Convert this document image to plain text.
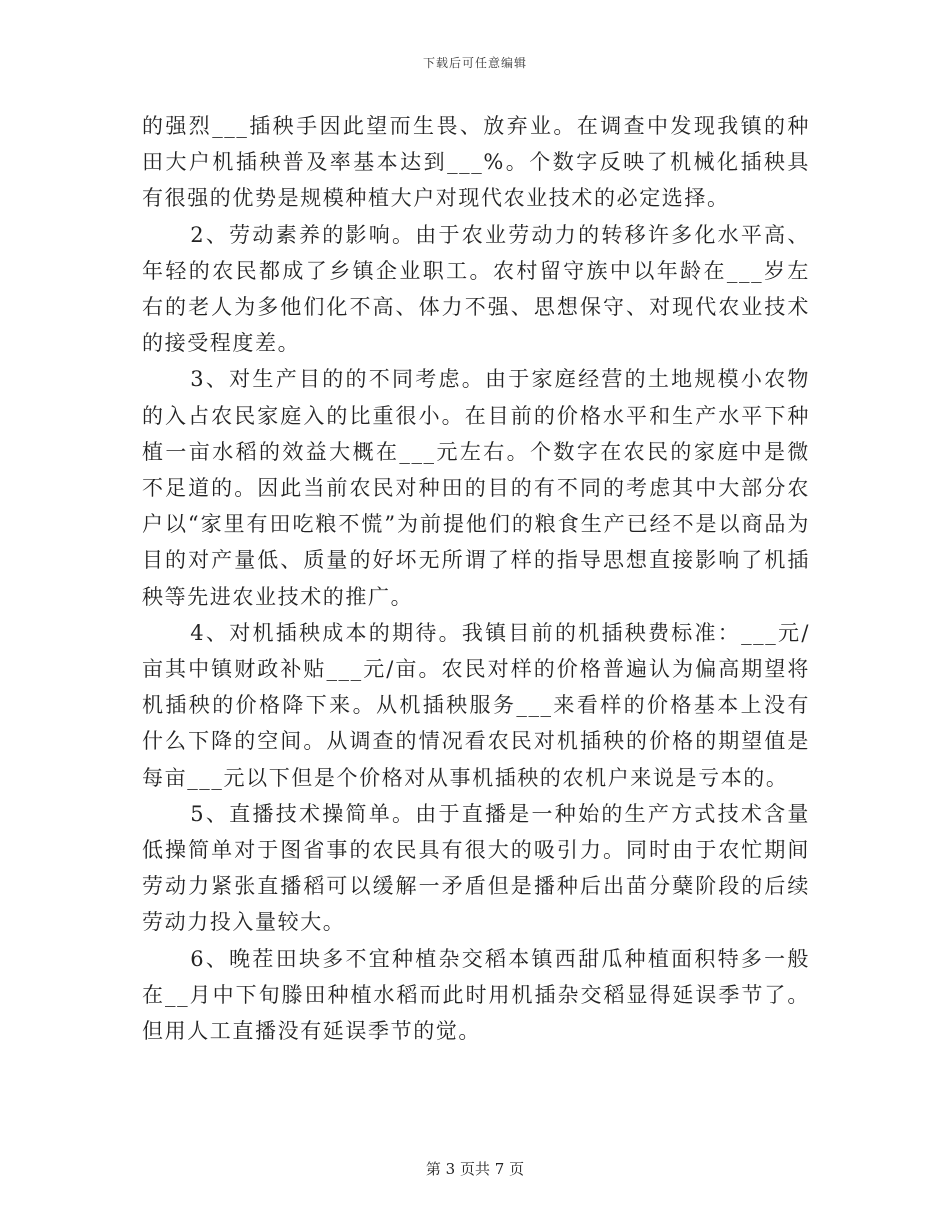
下载后可任意编辑

的强烈___插秧手因此望而生畏、放弃业。在调查中发现我镇的种田大户机插秧普及率基本达到___%。个数字反映了机械化插秧具有很强的优势是规模种植大户对现代农业技术的必定选择。

2、劳动素养的影响。由于农业劳动力的转移许多化水平高、年轻的农民都成了乡镇企业职工。农村留守族中以年龄在___岁左右的老人为多他们化不高、体力不强、思想保守、对现代农业技术的接受程度差。

3、对生产目的的不同考虑。由于家庭经营的土地规模小农物的入占农民家庭入的比重很小。在目前的价格水平和生产水平下种植一亩水稻的效益大概在___元左右。个数字在农民的家庭中是微不足道的。因此当前农民对种田的目的有不同的考虑其中大部分农户以“家里有田吃粮不慌”为前提他们的粮食生产已经不是以商品为目的对产量低、质量的好坏无所谓了样的指导思想直接影响了机插秧等先进农业技术的推广。

4、对机插秧成本的期待。我镇目前的机插秧费标准：___元/亩其中镇财政补贴___元/亩。农民对样的价格普遍认为偏高期望将机插秧的价格降下来。从机插秧服务___来看样的价格基本上没有什么下降的空间。从调查的情况看农民对机插秧的价格的期望值是每亩___元以下但是个价格对从事机插秧的农机户来说是亏本的。

5、直播技术操简单。由于直播是一种始的生产方式技术含量低操简单对于图省事的农民具有很大的吸引力。同时由于农忙期间劳动力紧张直播稻可以缓解一矛盾但是播种后出苗分蘖阶段的后续劳动力投入量较大。

6、晚茬田块多不宜种植杂交稻本镇西甜瓜种植面积特多一般在__月中下旬滕田种植水稻而此时用机插杂交稻显得延误季节了。但用人工直播没有延误季节的觉。

第 3 页共 7 页
